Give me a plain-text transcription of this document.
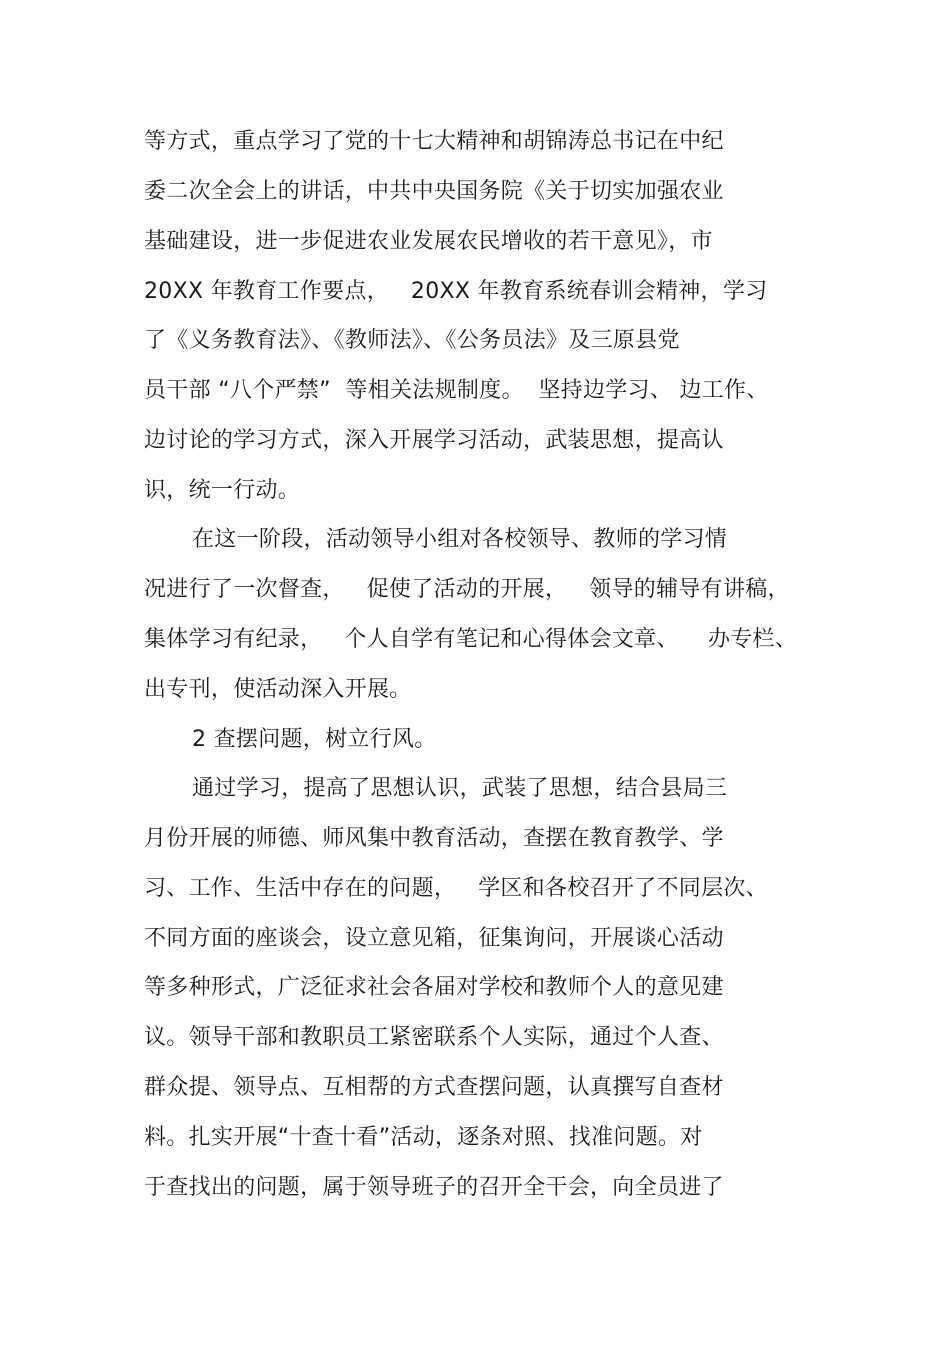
等方式，重点学习了党的十七大精神和胡锦涛总书记在中纪
委二次全会上的讲话，中共中央国务院《关于切实加强农业
基础建设，进一步促进农业发展农民增收的若干意见》，市
20XX 年教育工作要点，   20XX 年教育系统春训会精神，学习
了《义务教育法》、《教师法》、《公务员法》及三原县党
员干部 “八个严禁”  等相关法规制度。  坚持边学习、 边工作、
边讨论的学习方式，深入开展学习活动，武装思想，提高认
识，统一行动。
在这一阶段，活动领导小组对各校领导、教师的学习情
况进行了一次督查，   促使了活动的开展，   领导的辅导有讲稿，
集体学习有纪录，   个人自学有笔记和心得体会文章、    办专栏、
出专刊，使活动深入开展。
2 查摆问题，树立行风。
通过学习，提高了思想认识，武装了思想，结合县局三
月份开展的师德、师风集中教育活动，查摆在教育教学、学
习、工作、生活中存在的问题，   学区和各校召开了不同层次、
不同方面的座谈会，设立意见箱，征集询问，开展谈心活动
等多种形式，广泛征求社会各届对学校和教师个人的意见建
议。领导干部和教职员工紧密联系个人实际，通过个人查、
群众提、领导点、互相帮的方式查摆问题，认真撰写自查材
料。扎实开展“十查十看”活动，逐条对照、找准问题。对
于查找出的问题，属于领导班子的召开全干会，向全员进了
